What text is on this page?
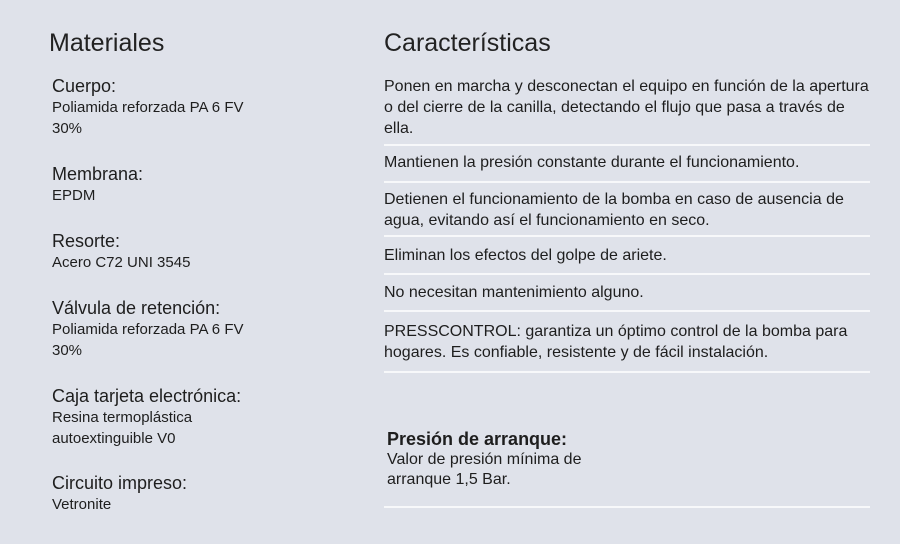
Materiales
Cuerpo:
Poliamida reforzada PA 6 FV
30%
Membrana:
EPDM
Resorte:
Acero C72 UNI 3545
Válvula de retención:
Poliamida reforzada PA 6 FV
30%
Caja tarjeta electrónica:
Resina termoplástica
autoextinguible V0
Circuito impreso:
Vetronite
Características
Ponen en marcha y desconectan el equipo en función de la apertura o del cierre de la canilla, detectando el flujo que pasa a través de ella.
Mantienen la presión constante durante el funcionamiento.
Detienen el funcionamiento de la bomba en caso de ausencia de agua, evitando así el funcionamiento en seco.
Eliminan los efectos del golpe de ariete.
No necesitan mantenimiento alguno.
PRESSCONTROL: garantiza un óptimo control de la bomba para hogares. Es confiable, resistente y de fácil instalación.
Presión de arranque:
Valor de presión mínima de arranque 1,5 Bar.
